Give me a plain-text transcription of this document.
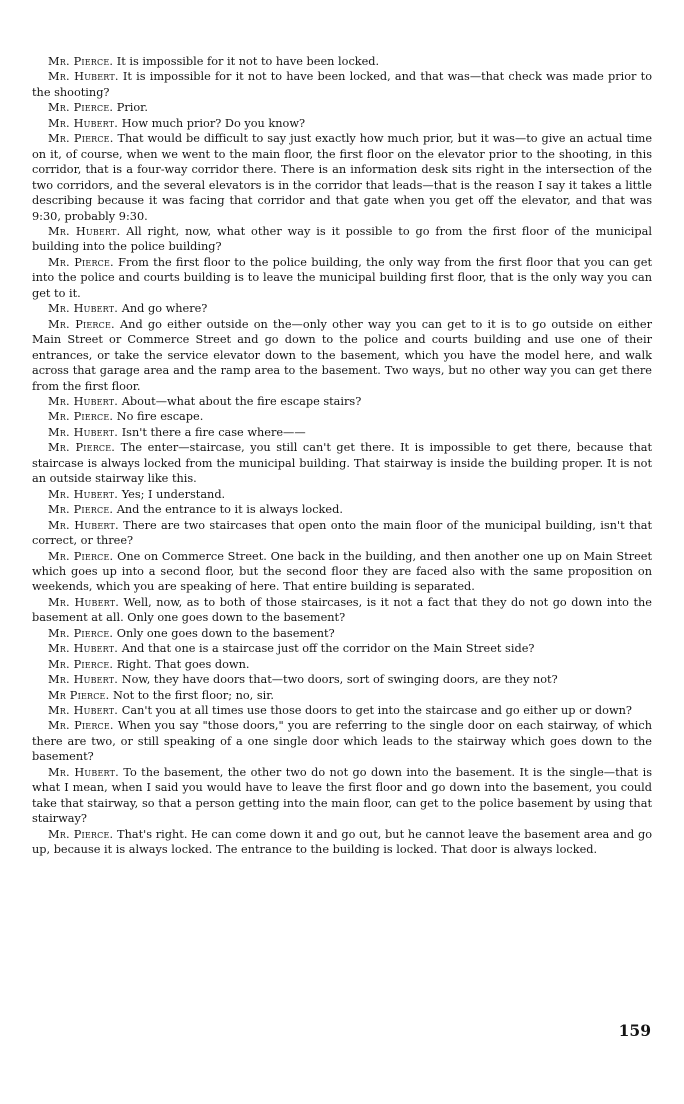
Mr. Pierce. It is impossible for it not to have been locked.

Mr. Hubert. It is impossible for it not to have been locked, and that was—that check was made prior to the shooting?

Mr. Pierce. Prior.

Mr. Hubert. How much prior? Do you know?

Mr. Pierce. That would be difficult to say just exactly how much prior, but it was—to give an actual time on it, of course, when we went to the main floor, the first floor on the elevator prior to the shooting, in this corridor, that is a four-way corridor there. There is an information desk sits right in the intersection of the two corridors, and the several elevators is in the corridor that leads—that is the reason I say it takes a little describing because it was facing that corridor and that gate when you get off the elevator, and that was 9:30, probably 9:30.

Mr. Hubert. All right, now, what other way is it possible to go from the first floor of the municipal building into the police building?

Mr. Pierce. From the first floor to the police building, the only way from the first floor that you can get into the police and courts building is to leave the municipal building first floor, that is the only way you can get to it.

Mr. Hubert. And go where?

Mr. Pierce. And go either outside on the—only other way you can get to it is to go outside on either Main Street or Commerce Street and go down to the police and courts building and use one of their entrances, or take the service elevator down to the basement, which you have the model here, and walk across that garage area and the ramp area to the basement. Two ways, but no other way you can get there from the first floor.

Mr. Hubert. About—what about the fire escape stairs?

Mr. Pierce. No fire escape.

Mr. Hubert. Isn't there a fire case where——

Mr. Pierce. The enter—staircase, you still can't get there. It is impossible to get there, because that staircase is always locked from the municipal building. That stairway is inside the building proper. It is not an outside stairway like this.

Mr. Hubert. Yes; I understand.

Mr. Pierce. And the entrance to it is always locked.

Mr. Hubert. There are two staircases that open onto the main floor of the municipal building, isn't that correct, or three?

Mr. Pierce. One on Commerce Street. One back in the building, and then another one up on Main Street which goes up into a second floor, but the second floor they are faced also with the same proposition on weekends, which you are speaking of here. That entire building is separated.

Mr. Hubert. Well, now, as to both of those staircases, is it not a fact that they do not go down into the basement at all. Only one goes down to the basement?

Mr. Pierce. Only one goes down to the basement?

Mr. Hubert. And that one is a staircase just off the corridor on the Main Street side?

Mr. Pierce. Right. That goes down.

Mr. Hubert. Now, they have doors that—two doors, sort of swinging doors, are they not?

Mr Pierce. Not to the first floor; no, sir.

Mr. Hubert. Can't you at all times use those doors to get into the staircase and go either up or down?

Mr. Pierce. When you say "those doors," you are referring to the single door on each stairway, of which there are two, or still speaking of a one single door which leads to the stairway which goes down to the basement?

Mr. Hubert. To the basement, the other two do not go down into the basement. It is the single—that is what I mean, when I said you would have to leave the first floor and go down into the basement, you could take that stairway, so that a person getting into the main floor, can get to the police basement by using that stairway?

Mr. Pierce. That's right. He can come down it and go out, but he cannot leave the basement area and go up, because it is always locked. The entrance to the building is locked. That door is always locked.

159
